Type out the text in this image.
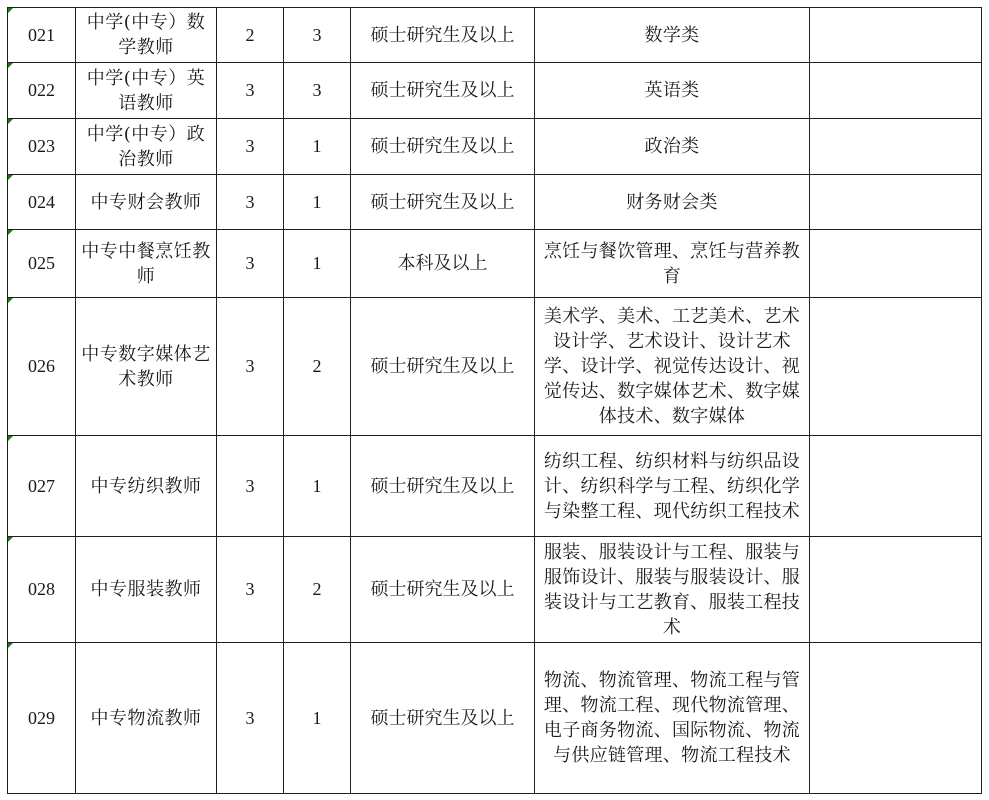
021	中学(中专）数学教师	2	3	硕士研究生及以上	数学类	
022	中学(中专）英语教师	3	3	硕士研究生及以上	英语类	
023	中学(中专）政治教师	3	1	硕士研究生及以上	政治类	
024	中专财会教师	3	1	硕士研究生及以上	财务财会类	
025	中专中餐烹饪教师	3	1	本科及以上	烹饪与餐饮管理、烹饪与营养教育	
026	中专数字媒体艺术教师	3	2	硕士研究生及以上	美术学、美术、工艺美术、艺术设计学、艺术设计、设计艺术学、设计学、视觉传达设计、视觉传达、数字媒体艺术、数字媒体技术、数字媒体	
027	中专纺织教师	3	1	硕士研究生及以上	纺织工程、纺织材料与纺织品设计、纺织科学与工程、纺织化学与染整工程、现代纺织工程技术	
028	中专服装教师	3	2	硕士研究生及以上	服装、服装设计与工程、服装与服饰设计、服装与服装设计、服装设计与工艺教育、服装工程技术	
029	中专物流教师	3	1	硕士研究生及以上	物流、物流管理、物流工程与管理、物流工程、现代物流管理、电子商务物流、国际物流、物流与供应链管理、物流工程技术	
